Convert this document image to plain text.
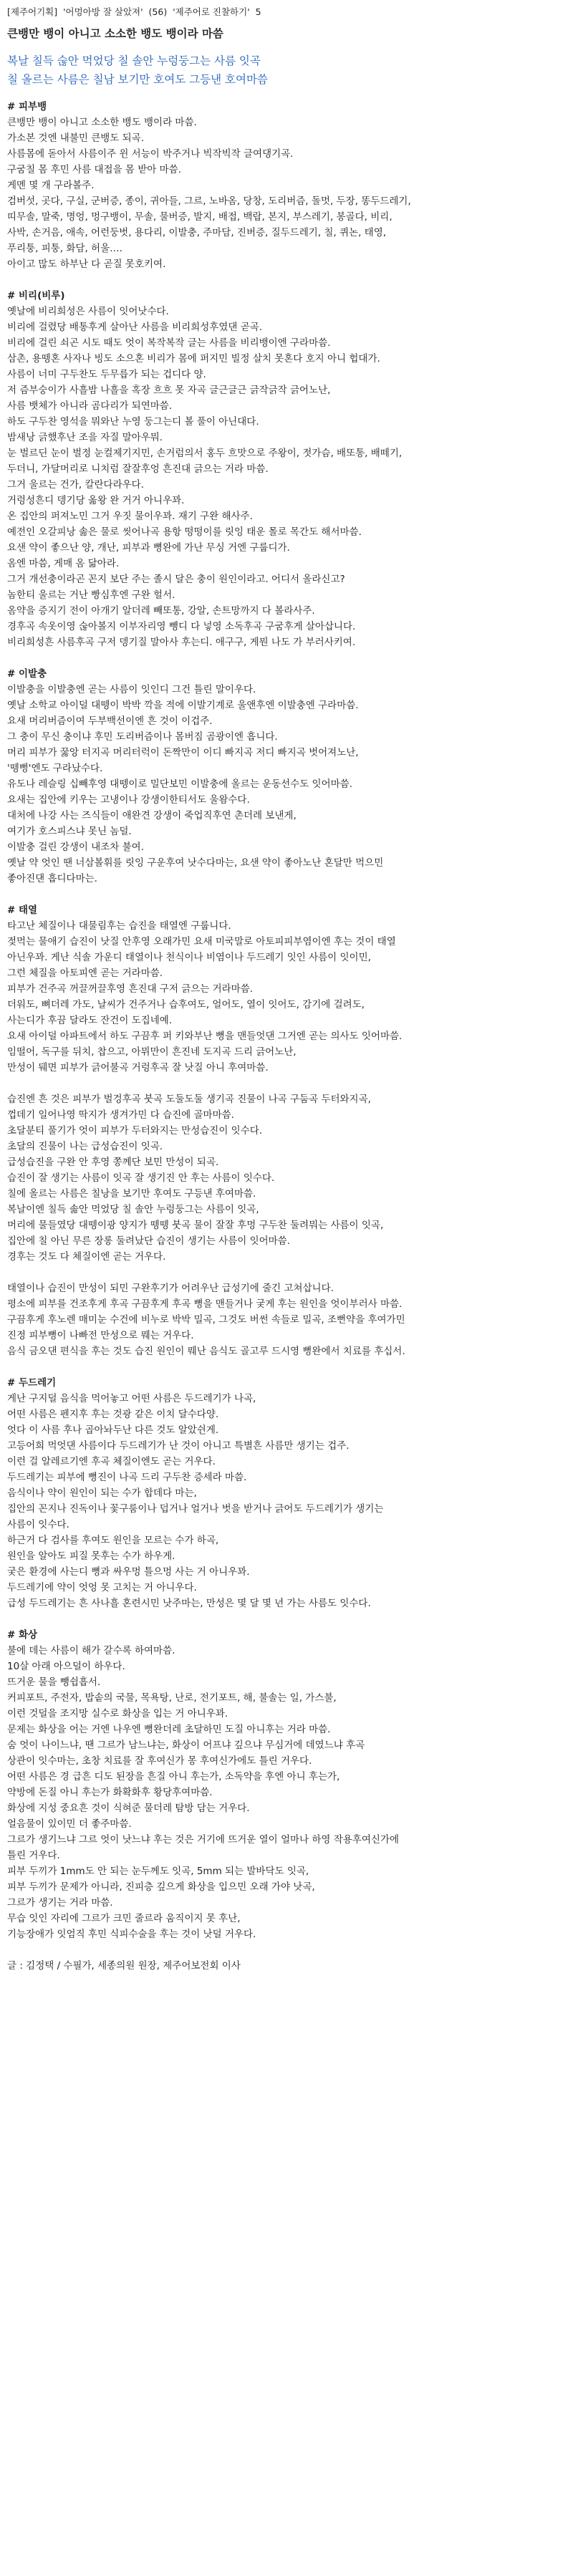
[제주어기획] '어멍아방 잘 살았져' (56) '제주어로 진찰하기' 5
큰뱅만 뱅이 아니고 소소한 뱅도 뱅이라 마씀
복날 칠득 숞안 먹었당 칠 솔안 누렁둥그는 사름 잇곡
칠 올르는 사름은 칠남 보기만 호여도 그등낸 호여마씀
# 피부뱅
큰뱅만 뱅이 아니고 소소한 뱅도 뱅이라 마씀.
가소본 것엔 내불민 큰뱅도 되곡.
사름몸에 돋아서 사름이주 윈 서능이 박주거나 빅작빅작 글여댕기곡.
구굼칠 몸 후민 사름 대접을 몸 받아 마씀.
게멘 몇 개 구라볼주.
검버섯, 곳다, 구실, 군버증, 종이, 귀아들, 그르, 노바옴, 당창, 도리버즘, 돌멋, 두장, 똥두드레기,
띠무솔, 말죽, 명엉, 멍구뱅이, 무솔, 물버증, 발지, 배접, 백랍, 본지, 부스레기, 봉골다, 비리,
사박, 손거음, 애속, 어런둥벗, 용다리, 이발충, 주마담, 진버증, 질두드레기, 칠, 퀴논, 태영,
푸리퉁, 피퉁, 화담, 허울….
아이고 많도 하부난 다 곧질 못호키여.
# 비리(비루)
옛날에 비리희성은 사름이 잇어낫수다.
비리에 걸렸당 배통후게 살아난 사름을 비리희성후였댄 곧곡.
비리에 걸린 쇠곤 시도 때도 엇이 복작복작 글는 사름을 비리뱅이엔 구라마씀.
삼촌, 용뗑혼 사자나 빙도 소으혼 비리가 몸에 퍼지민 빌정 살치 못혼다 호지 아니 헙대가.
사름이 너미 구두찬도 두무릅가 되는 겁디다 양.
저 즘부숭이가 사흘밤 나흘을 혹장 흐흐 못 자곡 글근글근 긁작긁작 긁어노난,
사름 뱃체가 아니라 곰다리가 되연마씀.
하도 구두찬 영석을 뭐와난 누영 둥그는디 볼 풀이 아닌대다.
밤새낭 긁했후난 조을 자질 말아우뭐.
눈 벌르딘 눈이 벌정 눈컬제기지민, 손거럼의서 홍두 흐맛으로 주왕이, 젓가슴, 배또통, 배떼기,
두더니, 가달머리로 니치럼 잘잘후엉 흔진대 긁으는 거라 마씀.
그거 울르는 건가, 칼란다라우다.
거렁성흔디 뎅기당 옮왕 완 거거 아니우꽈.
온 집안의 퍼져노민 그거 우짓 물이우꽈. 재기 구완 해사주.
예전인 오갈피낭 솖은 물로 씻어나곡 용항 떵떵이를 릿잉 태운 몰로 목간도 해서마씀.
요샌 약이 좋으난 양, 개난, 피부과 뼝완에 가난 무싱 거엔 구룹디가.
옴엔 마씀, 게매 옴 닮아라.
그거 개선충이라곤 꼰지 보단 주는 졸시 달은 충이 원인이라고. 어디서 올라신고?
놈한티 울르는 거난 빵심후엔 구완 헐서.
옴약을 증지기 전이 아개기 알더레 빼또통, 강알, 손트망까지 다 볼라사주.
경후곡 속옷이영 숞아볼지 이부자리영 뺑디 다 넣영 소독후곡 구굼후게 살아삽니다.
비리희성흔 사름후곡 구저 뎅기질 말아사 후는디. 애구구, 게뭔 나도 가 부러사키여.
# 이발충
이발충을 이발충엔 곧는 사름이 잇인디 그건 틀린 말이우다.
옛날 소학교 아이덜 대뗑이 박박 깍을 적에 이발기계로 울앤후엔 이발충엔 구라마씀.
요새 머리버즘이여 두부백선이엔 흔 것이 이겁주.
그 충이 무신 충이냐 후민 도리버즘이나 몸버짐 곰광이엔 흡니다.
머리 피부가 꿇앙 터지곡 머리터럭이 돈짝만이 이디 빠지곡 저디 빠지곡 벗어져노난,
'뗑뻥'엔도 구라났수다.
유도나 레슬링 십빼후영 대뗑이로 밀단보민 이발충에 올르는 운동선수도 잇어마씀.
요새는 집안에 키우는 고냉이나 강생이한티서도 울왐수다.
대처에 나강 사는 즈식들이 애완견 강생이 죽업직후연 촌더레 보낸게,
여기가 호스피스냐 못닌 놈덜.
이발충 걸린 강생이 내조차 불여.
옛날 약 엇인 땐 너삼볼휘를 릿잉 구운후여 낫수다마는, 요샌 약이 좋아노난 혼달만 먹으민
좋아진댄 흡디다마는.
# 태열
타고난 체질이나 대물림후는 습진을 태열엔 구룹니다.
젖먹는 물애기 습진이 낫질 안후영 오래가민 요새 미국말로 아토피피부염이엔 후는 것이 태열
아닌우꽈. 게난 식솔 가운디 태열이나 천식이나 비염이나 두드레기 잇인 사름이 잇이민,
그런 체질을 아토피엔 곧는 거라마씀.
피부가 건주곡 꺼끌꺼끌후영 흔진대 구저 긁으는 거라마씀.
더워도, 뼈더레 가도, 날씨가 건주거나 습후여도, 얼어도, 열이 잇어도, 감기에 걸려도,
사는디가 후끔 달라도 잔건이 도집네예.
요새 아이덜 아파트에서 하도 구끔후 퍼 키와부난 뼝을 맨들엇댄 그거엔 곧는 의사도 잇어마씀.
임떨어, 독구를 뒤치, 찹으고, 아뮈만이 흔진네 도지곡 드리 긁어노난,
만성이 뒈면 피부가 긁어불곡 거렁후곡 잘 낫질 아니 후여마씀.
습진엔 흔 것은 피부가 벌겅후곡 붓곡 도둘도둘 생기곡 진물이 나곡 구둠곡 두터와지곡,
껍데기 일어나영 딱지가 생겨가민 다 습진에 골마마씀.
초달분티 풀기가 엇이 피부가 두터와지는 만성습진이 잇수다.
초달의 진물이 나는 급성습진이 잇곡.
급성습진을 구완 안 후영 쫑께단 보민 만성이 되곡.
습진이 잘 생기는 사름이 잇곡 잘 생기진 안 후는 사름이 잇수다.
칠에 올르는 사름은 칠낭을 보기만 후여도 구등낸 후여마씀.
복날이엔 칠득 솖안 먹었당 칠 솔안 누렁둥그는 사름이 잇곡,
머리에 물들였당 대뗑이광 양지가 뗑뗑 붓곡 물이 잘잘 후멍 구두찬 둘려뭐는 사름이 잇곡,
집안에 칠 아닌 무른 장롱 둘려났단 습진이 생기는 사름이 잇어마씀.
경후는 것도 다 체질이엔 곧는 거우다.
태열이나 습진이 만성이 되민 구완후기가 어려우난 급성기에 줄긴 고쳐삽니다.
평소에 피부를 건조후게 후곡 구끔후게 후곡 뼝을 맨들거나 궂게 후는 원인을 엇이부러사 마씀.
구끔후게 후노렌 매미눈 수건에 비누로 박박 밀곡, 그것도 버썬 속들로 밀곡, 조뻔약을 후여가민
진정 피부뼝이 나빠전 만성으로 뭬는 거우다.
음식 금오댄 편식을 후는 것도 습진 원인이 뭬난 음식도 골고루 드시영 뼝완에서 치료를 후십서.
# 두드레기
게난 구지덜 음식을 먹어놓고 어떤 사름은 두드레기가 나곡,
어떤 사름은 펜지후 후는 것광 같은 이치 달수다양.
엇다 이 사름 후나 곱아놔두난 다른 것도 알았쉰게.
고등어희 먹엇댄 사름이다 두드레기가 난 것이 아니고 특별흔 사름만 생기는 겁주.
이런 걸 알레르기엔 후곡 체질이엔도 곧는 거우다.
두드레기는 피부에 뼝진이 나곡 드리 구두찬 증세라 마씀.
음식이나 약이 원인이 되는 수가 합데다 마는,
집안의 꼰지나 진독이나 꽃구룸이나 덥거나 얼거나 벗을 받거나 긁어도 두드레기가 생기는
사름이 잇수다.
하근거 다 검사를 후여도 원인을 모르는 수가 하곡,
원인을 알아도 피질 못후는 수가 하우게.
궂은 환경에 사는디 뼝과 싸우멍 틀으멍 사는 거 아니우꽈.
두드레기에 약이 엇엉 못 고치는 거 아니우다.
급성 두드레기는 흔 사나흘 혼련시민 낫주마는, 만성은 몇 달 몇 년 가는 사름도 잇수다.
# 화상
불에 데는 사름이 해가 갈수록 하여마씀.
10살 아래 아으덜이 하우다.
뜨거운 물을 뺑쉽흡서.
커피포트, 주전자, 밥솥의 국물, 목욕탕, 난로, 전기포트, 해, 불솔는 일, 가스불,
이런 것덜을 조지망 실수로 화상을 입는 거 아니우꽈.
문제는 화상을 어는 거엔 나우엔 뼝완더레 초달하민 도질 아니후는 거라 마씀.
숨 엇이 나이느냐, 땐 그르가 남느냐는, 화상이 어프냐 깊으냐 무심거에 데였느냐 후곡
상관이 잇수마는, 초창 치료를 잘 후여신가 몽 후여신가에도 틀린 거우다.
어떤 사름은 경 급흔 디도 된장을 흔질 아니 후는가, 소독약을 후엔 아니 후는가,
약방에 돈질 아니 후는가 화확화후 황당후여마씀.
화상에 지성 중요흔 것이 식혀준 물더레 탐방 담는 거우다.
얼음물이 있이민 더 좋주마씀.
그르가 생기느냐 그르 엇이 낫느냐 후는 것은 거기에 뜨거운 열이 얼마나 하영 작용후여신가에
틀린 거우다.
피부 두끼가 1mm도 안 되는 눈두께도 잇곡, 5mm 되는 발바닥도 잇곡,
피부 두끼가 문제가 아니라, 진피층 깊으게 화상을 입으민 오래 가야 낫곡,
그르가 생기는 거라 마씀.
무습 잇인 자리에 그르가 크민 줄르라 움직이지 못 후난,
기능장애가 잇엄직 후민 식피수술을 후는 것이 낫덜 거우다.
글 : 김정택 / 수필가, 세종의원 원장, 제주어보전회 이사
